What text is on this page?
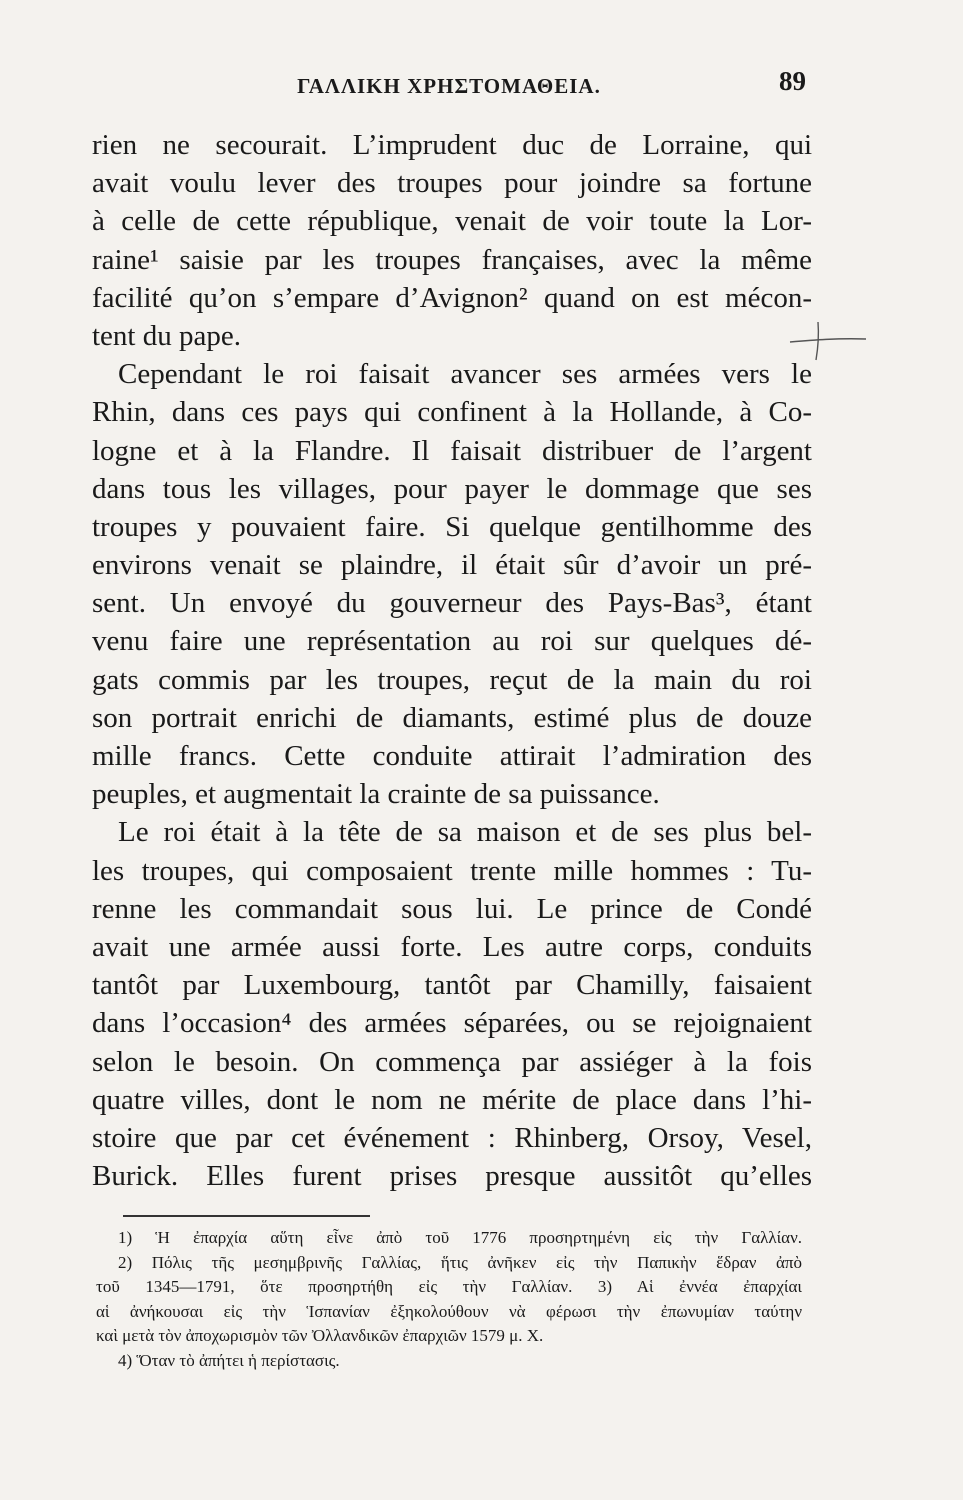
ΓΑΛΛΙΚΗ ΧΡΗΣΤΟΜΑΘΕΙΑ.	89
rien ne secourait. L’imprudent duc de Lorraine, qui
avait voulu lever des troupes pour joindre sa fortune
à celle de cette république, venait de voir toute la Lor-
raine¹ saisie par les troupes françaises, avec la même
facilité qu’on s’empare d’Avignon² quand on est mécon-
tent du pape.
Cependant le roi faisait avancer ses armées vers le
Rhin, dans ces pays qui confinent à la Hollande, à Co-
logne et à la Flandre. Il faisait distribuer de l’argent
dans tous les villages, pour payer le dommage que ses
troupes y pouvaient faire. Si quelque gentilhomme des
environs venait se plaindre, il était sûr d’avoir un pré-
sent. Un envoyé du gouverneur des Pays-Bas³, étant
venu faire une représentation au roi sur quelques dé-
gats commis par les troupes, reçut de la main du roi
son portrait enrichi de diamants, estimé plus de douze
mille francs. Cette conduite attirait l’admiration des
peuples, et augmentait la crainte de sa puissance.
Le roi était à la tête de sa maison et de ses plus bel-
les troupes, qui composaient trente mille hommes : Tu-
renne les commandait sous lui. Le prince de Condé
avait une armée aussi forte. Les autre corps, conduits
tantôt par Luxembourg, tantôt par Chamilly, faisaient
dans l’occasion⁴ des armées séparées, ou se rejoignaient
selon le besoin. On commença par assiéger à la fois
quatre villes, dont le nom ne mérite de place dans l’hi-
stoire que par cet événement : Rhinberg, Orsoy, Vesel,
Burick. Elles furent prises presque aussitôt qu’elles
1) Ἡ ἐπαρχία αὕτη εἶνε ἀπὸ τοῦ 1776 προσηρτημένη εἰς τὴν Γαλλίαν.
2) Πόλις τῆς μεσημβρινῆς Γαλλίας, ἥτις ἀνῆκεν εἰς τὴν Παπικὴν ἕδραν ἀπὸ
τοῦ 1345—1791, ὅτε προσηρτήθη εἰς τὴν Γαλλίαν. 3) Αἱ ἐννέα ἐπαρχίαι
αἱ ἀνήκουσαι εἰς τὴν Ἱσπανίαν ἐξηκολούθουν νὰ φέρωσι τὴν ἐπωνυμίαν ταύτην
καὶ μετὰ τὸν ἀποχωρισμὸν τῶν Ὀλλανδικῶν ἐπαρχιῶν 1579 μ. Χ.
4) Ὅταν τὸ ἀπήτει ἡ περίστασις.
